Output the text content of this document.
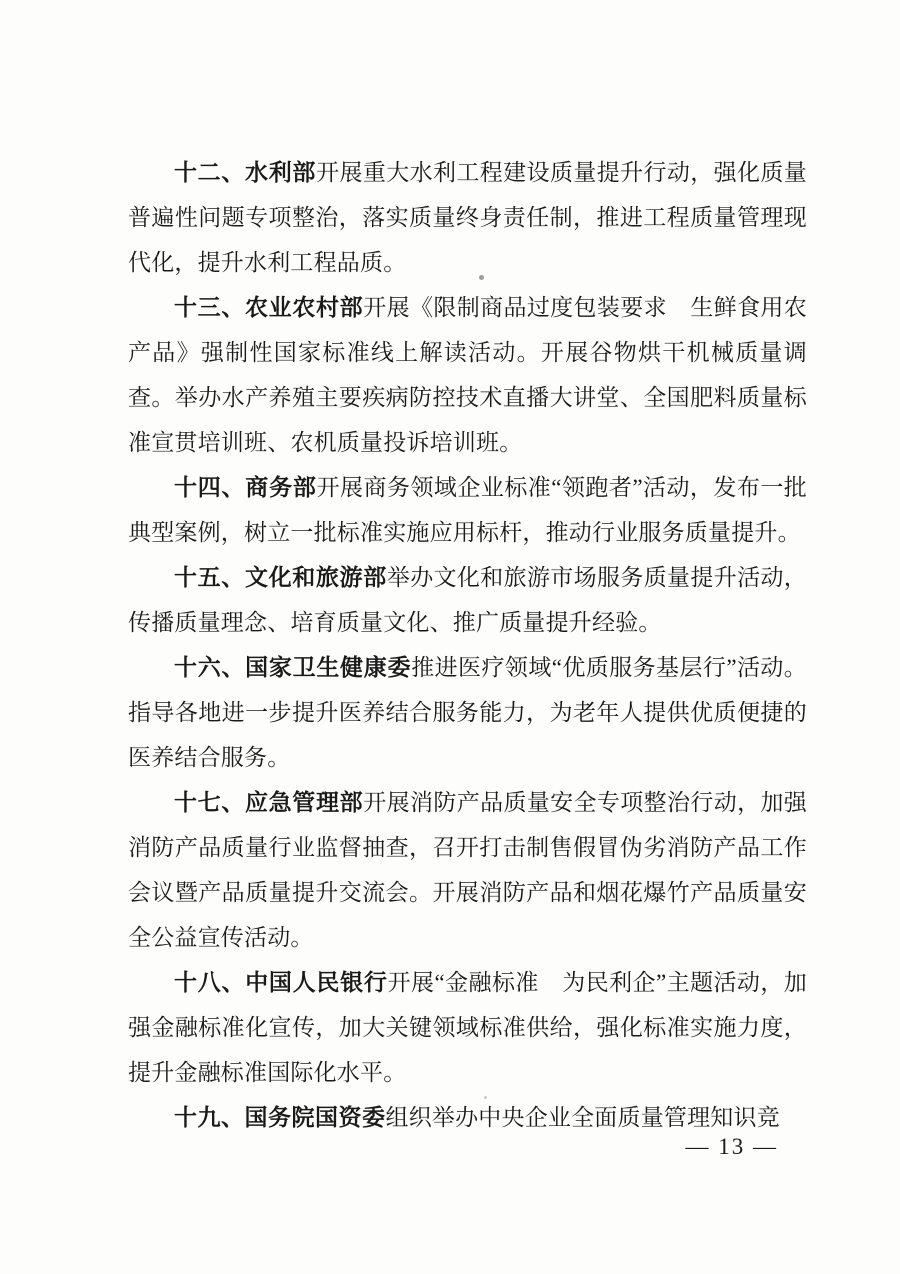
十二、水利部开展重大水利工程建设质量提升行动，强化质量普遍性问题专项整治，落实质量终身责任制，推进工程质量管理现代化，提升水利工程品质。

十三、农业农村部开展《限制商品过度包装要求　生鲜食用农产品》强制性国家标准线上解读活动。开展谷物烘干机械质量调查。举办水产养殖主要疾病防控技术直播大讲堂、全国肥料质量标准宣贯培训班、农机质量投诉培训班。

十四、商务部开展商务领域企业标准“领跑者”活动，发布一批典型案例，树立一批标准实施应用标杆，推动行业服务质量提升。

十五、文化和旅游部举办文化和旅游市场服务质量提升活动，传播质量理念、培育质量文化、推广质量提升经验。

十六、国家卫生健康委推进医疗领域“优质服务基层行”活动。指导各地进一步提升医养结合服务能力，为老年人提供优质便捷的医养结合服务。

十七、应急管理部开展消防产品质量安全专项整治行动，加强消防产品质量行业监督抽查，召开打击制售假冒伪劣消防产品工作会议暨产品质量提升交流会。开展消防产品和烟花爆竹产品质量安全公益宣传活动。

十八、中国人民银行开展“金融标准　为民利企”主题活动，加强金融标准化宣传，加大关键领域标准供给，强化标准实施力度，提升金融标准国际化水平。

十九、国务院国资委组织举办中央企业全面质量管理知识竞

— 13 —
